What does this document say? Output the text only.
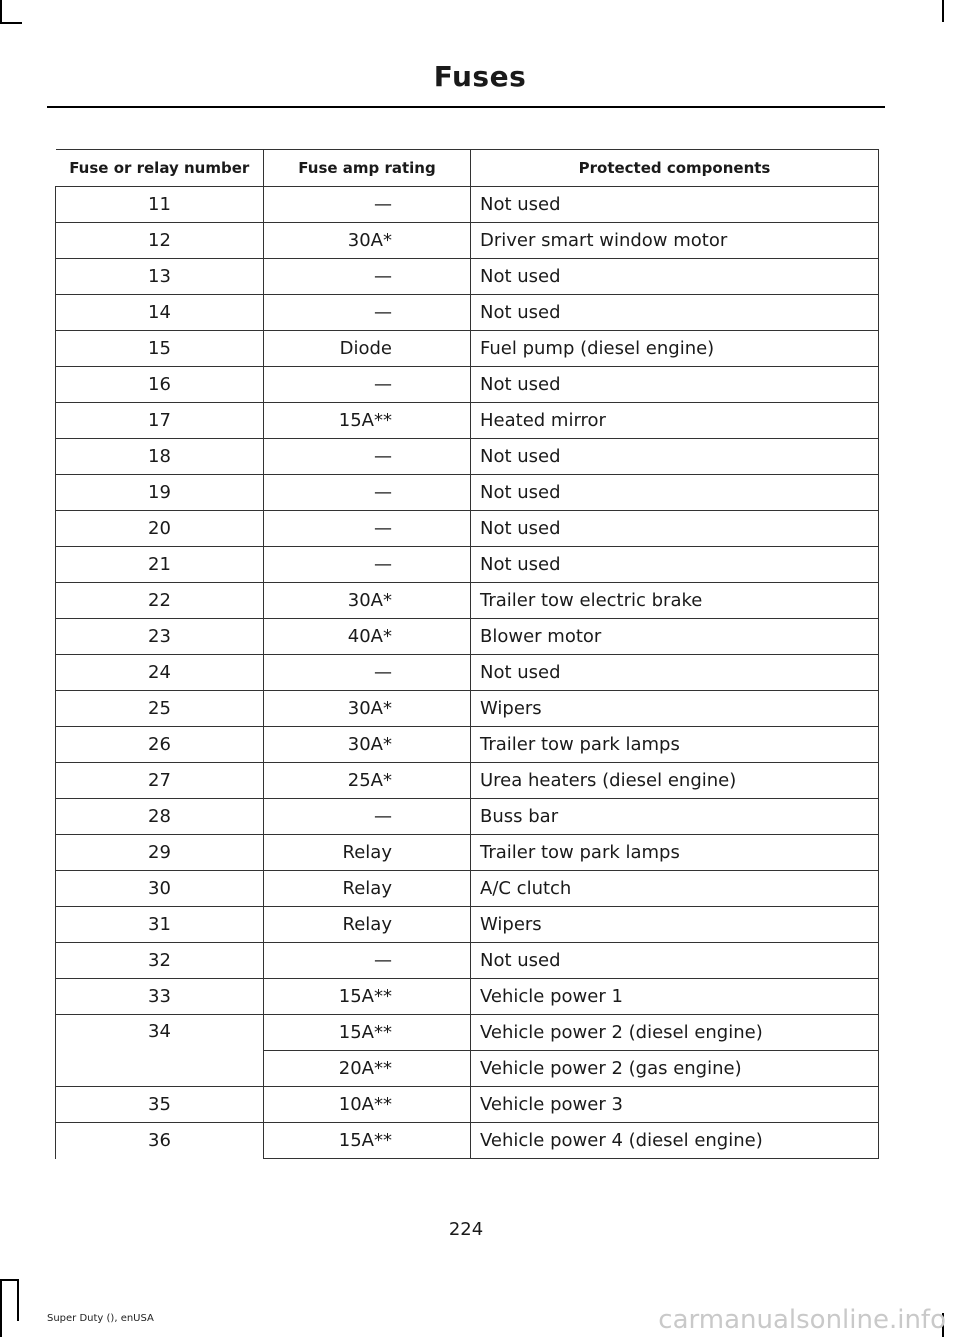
Fuses
Fuse or relay number	Fuse amp rating	Protected components
11	—	Not used
12	30A*	Driver smart window motor
13	—	Not used
14	—	Not used
15	Diode	Fuel pump (diesel engine)
16	—	Not used
17	15A**	Heated mirror
18	—	Not used
19	—	Not used
20	—	Not used
21	—	Not used
22	30A*	Trailer tow electric brake
23	40A*	Blower motor
24	—	Not used
25	30A*	Wipers
26	30A*	Trailer tow park lamps
27	25A*	Urea heaters (diesel engine)
28	—	Buss bar
29	Relay	Trailer tow park lamps
30	Relay	A/C clutch
31	Relay	Wipers
32	—	Not used
33	15A**	Vehicle power 1
34	15A**	Vehicle power 2 (diesel engine)
	20A**	Vehicle power 2 (gas engine)
35	10A**	Vehicle power 3
36	15A**	Vehicle power 4 (diesel engine)
224
Super Duty (), enUSA	carmanualsonline.info
